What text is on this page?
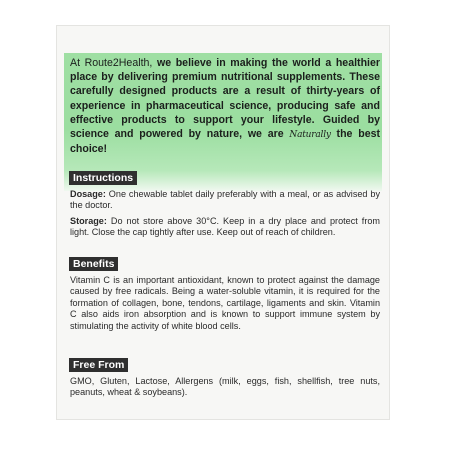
At Route2Health, we believe in making the world a healthier place by delivering premium nutritional supplements. These carefully designed products are a result of thirty-years of experience in pharmaceutical science, producing safe and effective products to support your lifestyle. Guided by science and powered by nature, we are Naturally the best choice!
Instructions
Dosage: One chewable tablet daily preferably with a meal, or as advised by the doctor.
Storage: Do not store above 30°C. Keep in a dry place and protect from light. Close the cap tightly after use. Keep out of reach of children.
Benefits
Vitamin C is an important antioxidant, known to protect against the damage caused by free radicals. Being a water-soluble vitamin, it is required for the formation of collagen, bone, tendons, cartilage, ligaments and skin. Vitamin C also aids iron absorption and is known to support immune system by stimulating the activity of white blood cells.
Free From
GMO, Gluten, Lactose, Allergens (milk, eggs, fish, shellfish, tree nuts, peanuts, wheat & soybeans).
